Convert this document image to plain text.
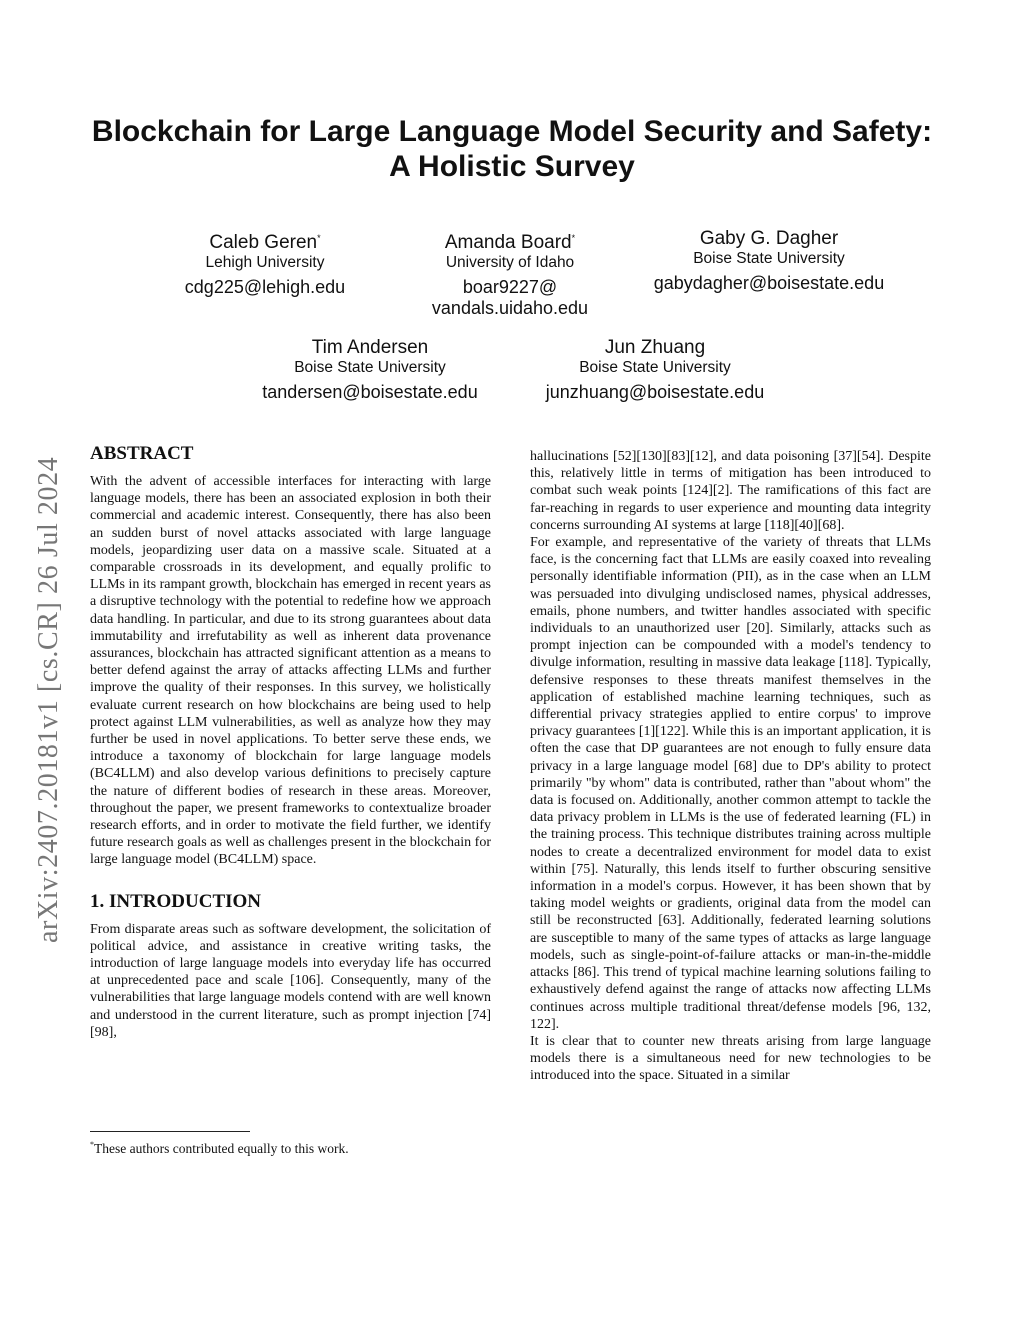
Blockchain for Large Language Model Security and Safety:
A Holistic Survey
Caleb Geren*
Lehigh University
cdg225@lehigh.edu
Amanda Board*
University of Idaho
boar9227@
vandals.uidaho.edu
Gaby G. Dagher
Boise State University
gabydagher@boisestate.edu
Tim Andersen
Boise State University
tandersen@boisestate.edu
Jun Zhuang
Boise State University
junzhuang@boisestate.edu
arXiv:2407.20181v1 [cs.CR] 26 Jul 2024
ABSTRACT

With the advent of accessible interfaces for interacting with large language models, there has been an associated explosion in both their commercial and academic interest. Consequently, there has also been an sudden burst of novel attacks associated with large language models, jeopardizing user data on a massive scale. Situated at a comparable crossroads in its development, and equally prolific to LLMs in its rampant growth, blockchain has emerged in recent years as a disruptive technology with the potential to redefine how we approach data handling. In particular, and due to its strong guarantees about data immutability and irrefutability as well as inherent data provenance assurances, blockchain has attracted significant attention as a means to better defend against the array of attacks affecting LLMs and further improve the quality of their responses. In this survey, we holistically evaluate current research on how blockchains are being used to help protect against LLM vulnerabilities, as well as analyze how they may further be used in novel applications. To better serve these ends, we introduce a taxonomy of blockchain for large language models (BC4LLM) and also develop various definitions to precisely capture the nature of different bodies of research in these areas. Moreover, throughout the paper, we present frameworks to contextualize broader research efforts, and in order to motivate the field further, we identify future research goals as well as challenges present in the blockchain for large language model (BC4LLM) space.

1. INTRODUCTION

From disparate areas such as software development, the solicitation of political advice, and assistance in creative writing tasks, the introduction of large language models into everyday life has occurred at unprecedented pace and scale [106]. Consequently, many of the vulnerabilities that large language models contend with are well known and understood in the current literature, such as prompt injection [74][98],

*These authors contributed equally to this work.

hallucinations [52][130][83][12], and data poisoning [37][54]. Despite this, relatively little in terms of mitigation has been introduced to combat such weak points [124][2]. The ramifications of this fact are far-reaching in regards to user experience and mounting data integrity concerns surrounding AI systems at large [118][40][68].

For example, and representative of the variety of threats that LLMs face, is the concerning fact that LLMs are easily coaxed into revealing personally identifiable information (PII), as in the case when an LLM was persuaded into divulging undisclosed names, physical addresses, emails, phone numbers, and twitter handles associated with specific individuals to an unauthorized user [20]. Similarly, attacks such as prompt injection can be compounded with a model's tendency to divulge information, resulting in massive data leakage [118]. Typically, defensive responses to these threats manifest themselves in the application of established machine learning techniques, such as differential privacy strategies applied to entire corpus' to improve privacy guarantees [1][122]. While this is an important application, it is often the case that DP guarantees are not enough to fully ensure data privacy in a large language model [68] due to DP's ability to protect primarily "by whom" data is contributed, rather than "about whom" the data is focused on. Additionally, another common attempt to tackle the data privacy problem in LLMs is the use of federated learning (FL) in the training process. This technique distributes training across multiple nodes to create a decentralized environment for model data to exist within [75]. Naturally, this lends itself to further obscuring sensitive information in a model's corpus. However, it has been shown that by taking model weights or gradients, original data from the model can still be reconstructed [63]. Additionally, federated learning solutions are susceptible to many of the same types of attacks as large language models, such as single-point-of-failure attacks or man-in-the-middle attacks [86]. This trend of typical machine learning solutions failing to exhaustively defend against the range of attacks now affecting LLMs continues across multiple traditional threat/defense models [96, 132, 122].

It is clear that to counter new threats arising from large language models there is a simultaneous need for new technologies to be introduced into the space. Situated in a similar
